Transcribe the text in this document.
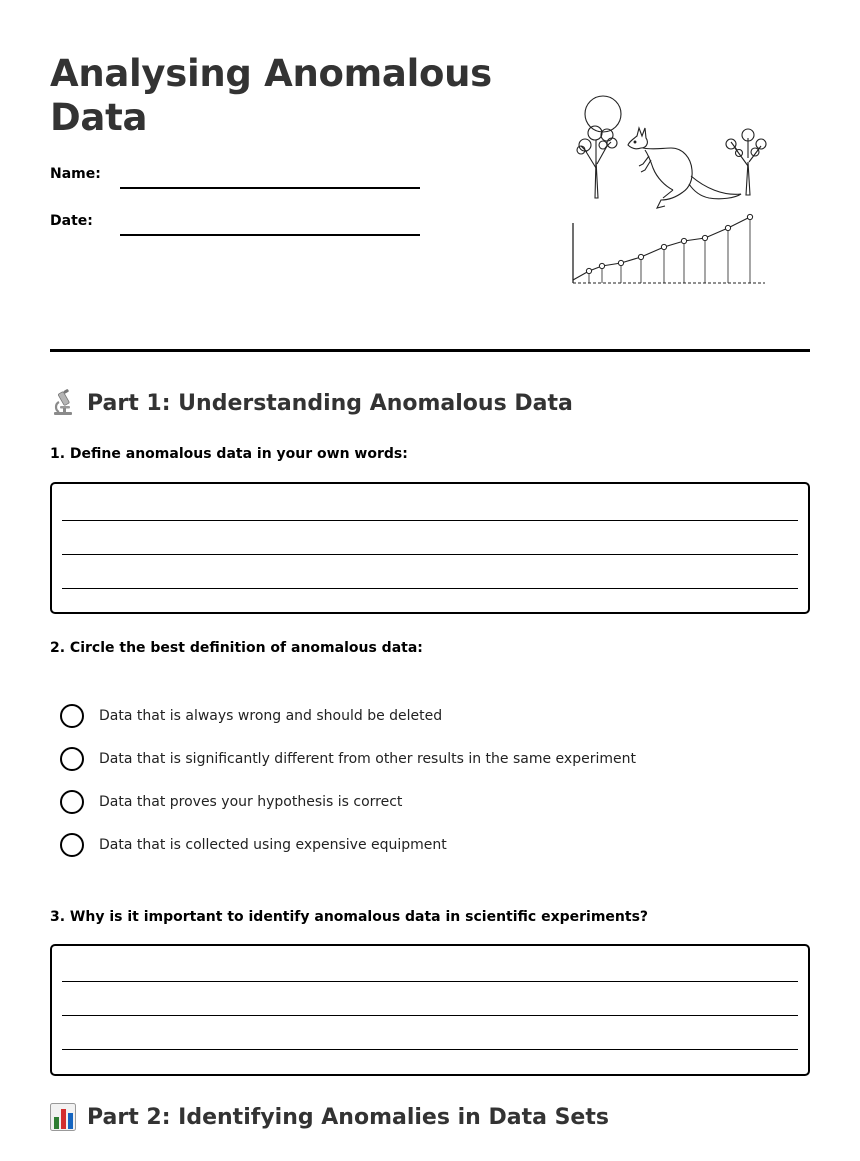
Analysing Anomalous Data
Name:
Date:
Part 1: Understanding Anomalous Data
1. Define anomalous data in your own words:
2. Circle the best definition of anomalous data:
Data that is always wrong and should be deleted
Data that is significantly different from other results in the same experiment
Data that proves your hypothesis is correct
Data that is collected using expensive equipment
3. Why is it important to identify anomalous data in scientific experiments?
Part 2: Identifying Anomalies in Data Sets
